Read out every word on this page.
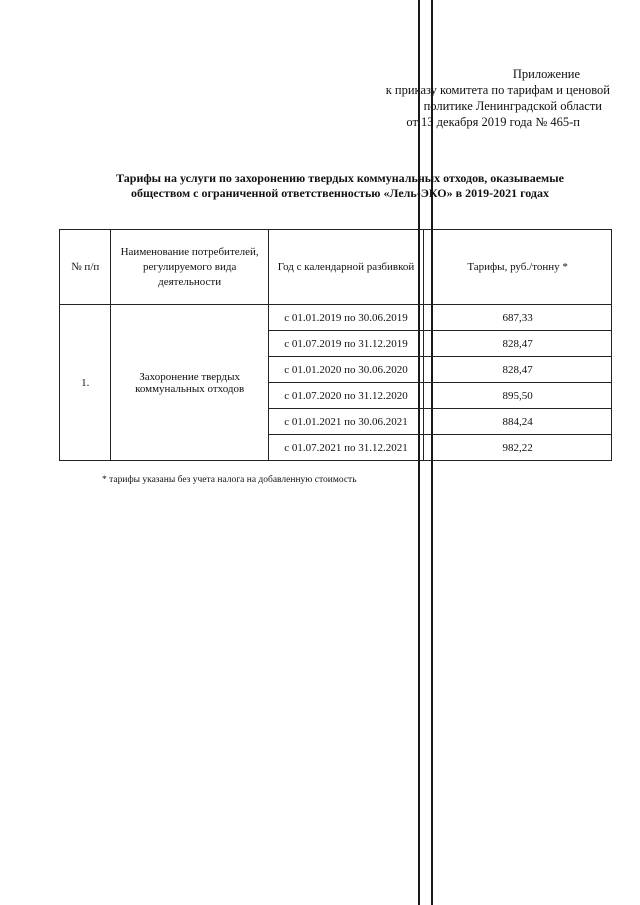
Приложение
к приказу комитета по тарифам и ценовой
политике Ленинградской области
от 13 декабря 2019 года № 465-п
Тарифы на услуги по захоронению твердых коммунальных отходов, оказываемые
обществом с ограниченной ответственностью «Лель-ЭКО» в 2019-2021 годах
№ п/п	Наименование потребителей, регулируемого вида деятельности	Год с календарной разбивкой	Тарифы, руб./тонну *
1.	Захоронение твердых коммунальных отходов	с 01.01.2019 по 30.06.2019	687,33
		с 01.07.2019 по 31.12.2019	828,47
		с 01.01.2020 по 30.06.2020	828,47
		с 01.07.2020 по 31.12.2020	895,50
		с 01.01.2021 по 30.06.2021	884,24
		с 01.07.2021 по 31.12.2021	982,22
* тарифы указаны без учета налога на добавленную стоимость
